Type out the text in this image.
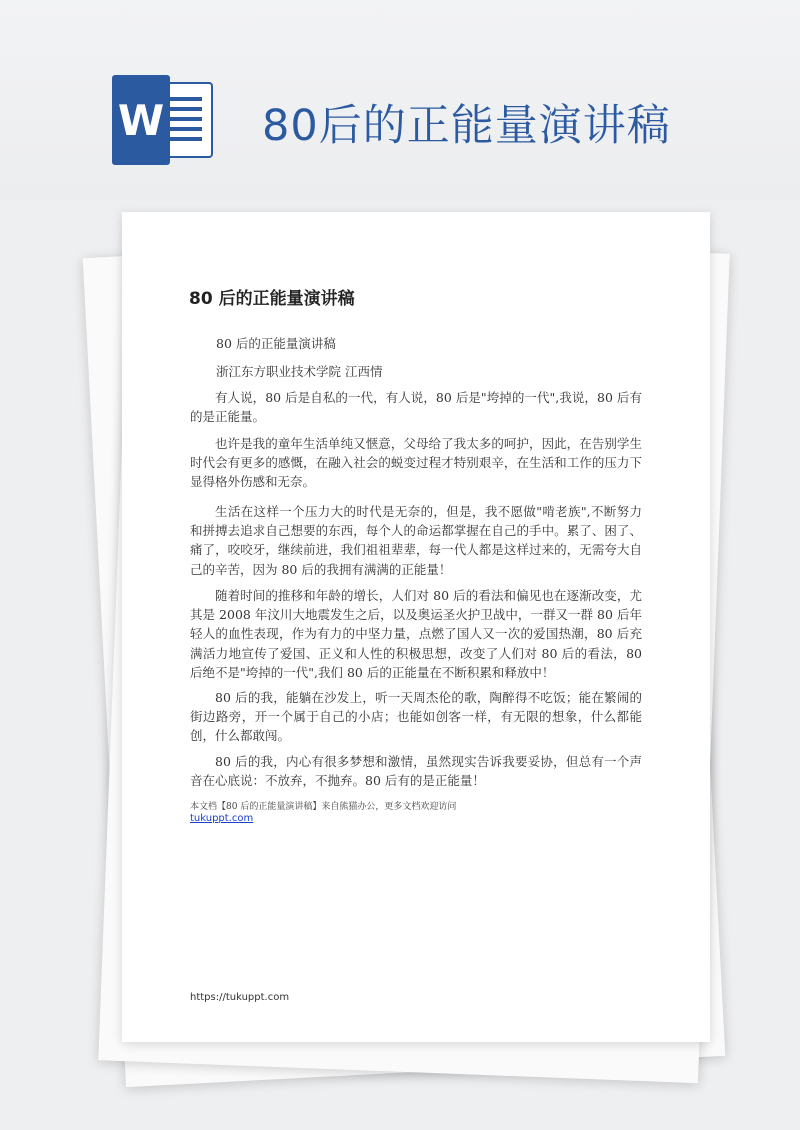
W 80后的正能量演讲稿
80 后的正能量演讲稿

80 后的正能量演讲稿

浙江东方职业技术学院 江西情

有人说，80 后是自私的一代，有人说，80 后是"垮掉的一代",我说，80 后有的是正能量。

也许是我的童年生活单纯又惬意，父母给了我太多的呵护，因此，在告别学生时代会有更多的感慨，在融入社会的蜕变过程才特别艰辛，在生活和工作的压力下显得格外伤感和无奈。

生活在这样一个压力大的时代是无奈的，但是，我不愿做"啃老族",不断努力和拼搏去追求自己想要的东西，每个人的命运都掌握在自己的手中。累了、困了、痛了，咬咬牙，继续前进，我们祖祖辈辈，每一代人都是这样过来的，无需夸大自己的辛苦，因为 80 后的我拥有满满的正能量！

随着时间的推移和年龄的增长，人们对 80 后的看法和偏见也在逐渐改变，尤其是 2008 年汶川大地震发生之后，以及奥运圣火护卫战中，一群又一群 80 后年轻人的血性表现，作为有力的中坚力量，点燃了国人又一次的爱国热潮，80 后充满活力地宣传了爱国、正义和人性的积极思想，改变了人们对 80 后的看法，80 后绝不是"垮掉的一代",我们 80 后的正能量在不断积累和释放中！

80 后的我，能躺在沙发上，听一天周杰伦的歌，陶醉得不吃饭；能在繁闹的街边路旁，开一个属于自己的小店；也能如创客一样，有无限的想象，什么都能创，什么都敢闯。

80 后的我，内心有很多梦想和激情，虽然现实告诉我要妥协，但总有一个声音在心底说：不放弃，不抛弃。80 后有的是正能量！

本文档【80 后的正能量演讲稿】来自熊猫办公，更多文档欢迎访问

tukuppt.com
https://tukuppt.com
